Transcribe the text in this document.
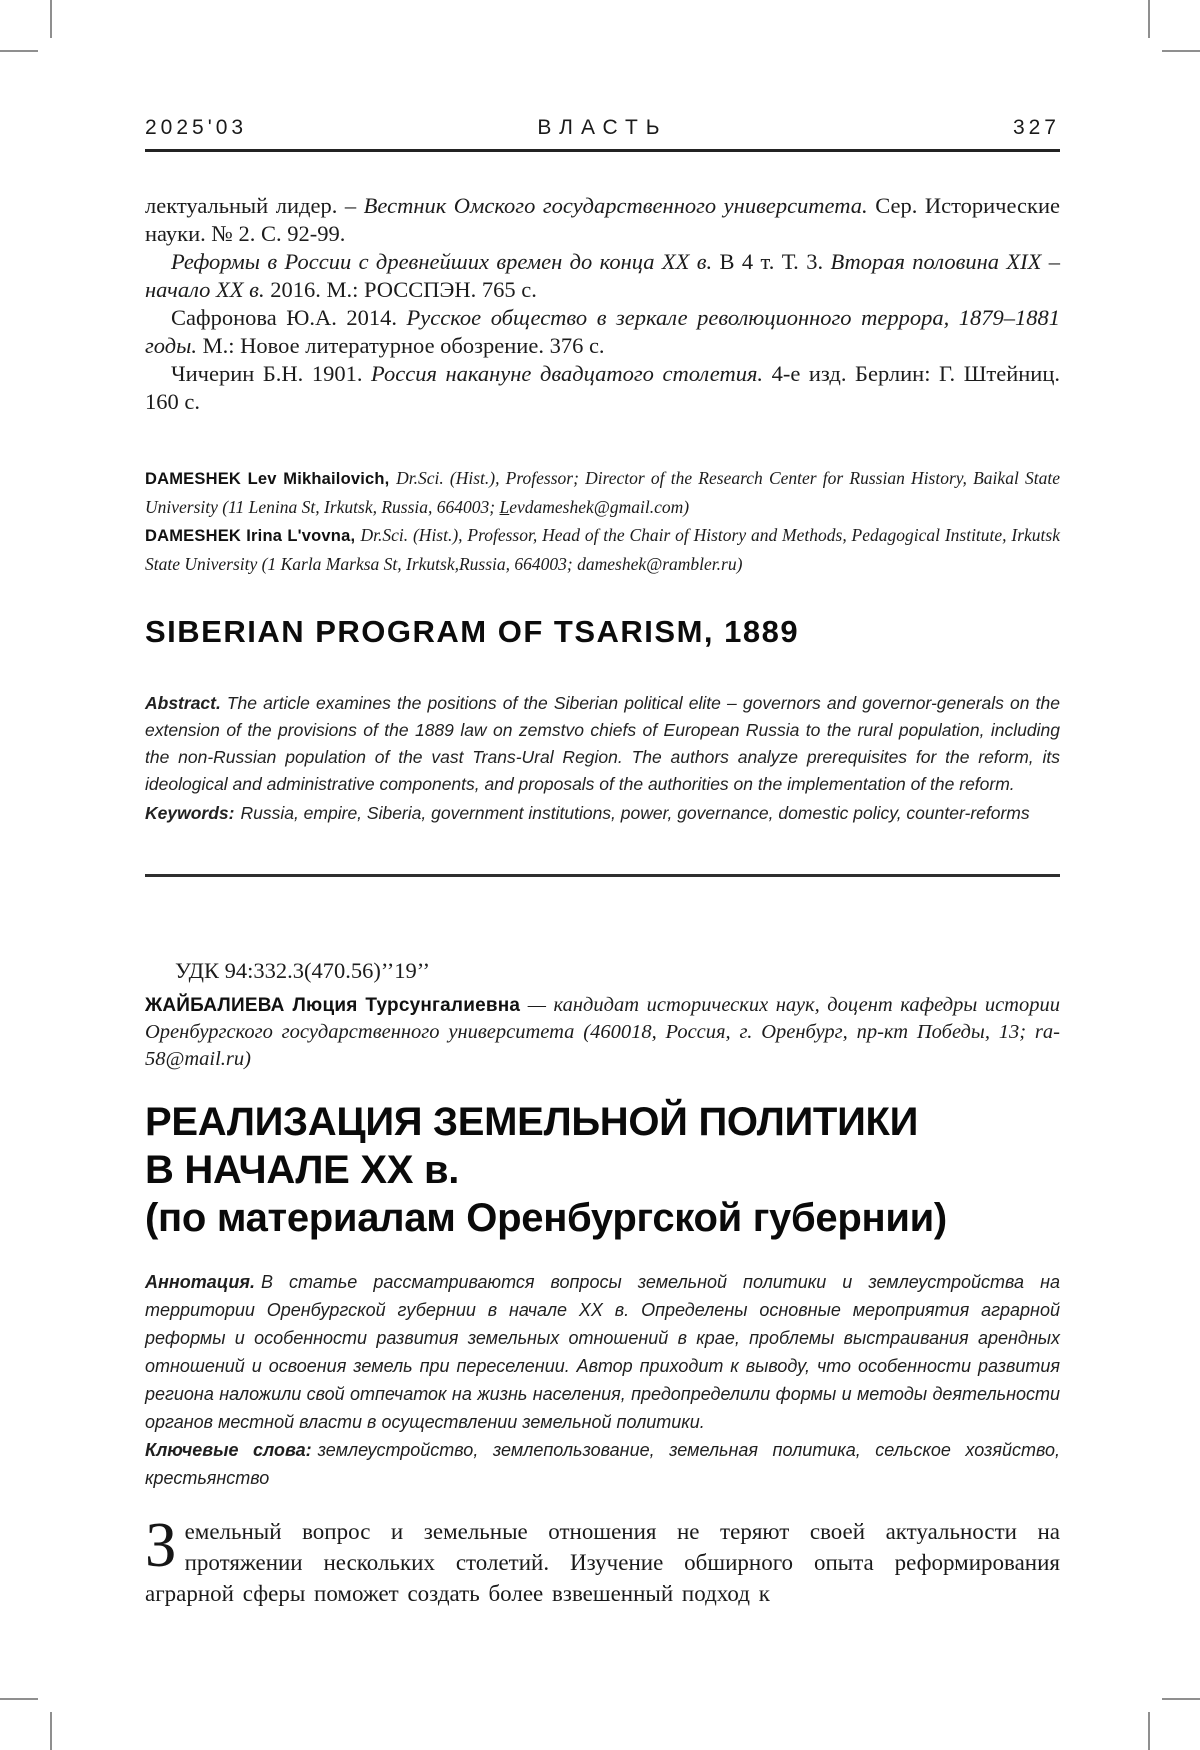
2025'03	ВЛАСТЬ	327

лектуальный лидер. – Вестник Омского государственного университета. Сер. Исторические науки. № 2. С. 92-99.

Реформы в России с древнейших времен до конца XX в. В 4 т. Т. 3. Вторая половина XIX – начало XX в. 2016. М.: РОССПЭН. 765 с.

Сафронова Ю.А. 2014. Русское общество в зеркале революционного террора, 1879–1881 годы. М.: Новое литературное обозрение. 376 с.

Чичерин Б.Н. 1901. Россия накануне двадцатого столетия. 4-е изд. Берлин: Г. Штейниц. 160 с.

DAMESHEK Lev Mikhailovich, Dr.Sci. (Hist.), Professor; Director of the Research Center for Russian History, Baikal State University (11 Lenina St, Irkutsk, Russia, 664003; Levdameshek@gmail.com)

DAMESHEK Irina L'vovna, Dr.Sci. (Hist.), Professor, Head of the Chair of History and Methods, Pedagogical Institute, Irkutsk State University (1 Karla Marksa St, Irkutsk,Russia, 664003; dameshek@rambler.ru)

SIBERIAN PROGRAM OF TSARISM, 1889

Abstract. The article examines the positions of the Siberian political elite – governors and governor-generals on the extension of the provisions of the 1889 law on zemstvo chiefs of European Russia to the rural population, including the non-Russian population of the vast Trans-Ural Region. The authors analyze prerequisites for the reform, its ideological and administrative components, and proposals of the authorities on the implementation of the reform.

Keywords: Russia, empire, Siberia, government institutions, power, governance, domestic policy, counter-reforms

УДК 94:332.3(470.56)’’19’’

ЖАЙБАЛИЕВА Люция Турсунгалиевна — кандидат исторических наук, доцент кафедры истории Оренбургского государственного университета (460018, Россия, г. Оренбург, пр-кт Победы, 13; ra-58@mail.ru)

РЕАЛИЗАЦИЯ ЗЕМЕЛЬНОЙ ПОЛИТИКИ
В НАЧАЛЕ XX в.
(по материалам Оренбургской губернии)

Аннотация. В статье рассматриваются вопросы земельной политики и землеустройства на территории Оренбургской губернии в начале XX в. Определены основные мероприятия аграрной реформы и особенности развития земельных отношений в крае, проблемы выстраивания арендных отношений и освоения земель при переселении. Автор приходит к выводу, что особенности развития региона наложили свой отпечаток на жизнь населения, предопределили формы и методы деятельности органов местной власти в осуществлении земельной политики.

Ключевые слова: землеустройство, землепользование, земельная политика, сельское хозяйство, крестьянство

Земельный вопрос и земельные отношения не теряют своей актуальности на протяжении нескольких столетий. Изучение обширного опыта реформирования аграрной сферы поможет создать более взвешенный подход к
